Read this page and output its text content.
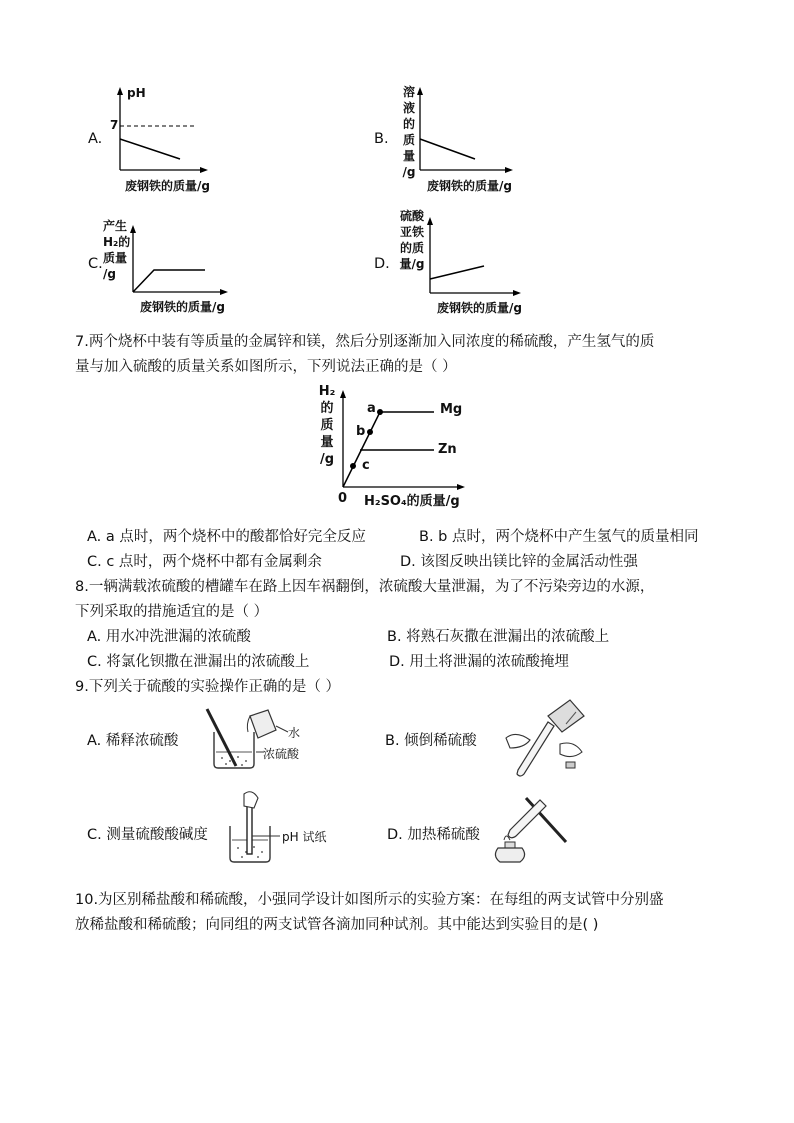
A.
pH
7
废钢铁的质量/g
B.
溶
液
的
质
量
/g
废钢铁的质量/g
C.
产生
H₂的
质量
/g
废钢铁的质量/g
D.
硫酸
亚铁
的质
量/g
废钢铁的质量/g
7.两个烧杯中装有等质量的金属锌和镁，然后分别逐渐加入同浓度的稀硫酸，产生氢气的质
量与加入硫酸的质量关系如图所示，下列说法正确的是（ ）
H₂
的
质
量
/g
a
b
c
Mg
Zn
0 H₂SO₄的质量/g
A. a 点时，两个烧杯中的酸都恰好完全反应	B. b 点时，两个烧杯中产生氢气的质量相同
C. c 点时，两个烧杯中都有金属剩余	D. 该图反映出镁比锌的金属活动性强
8.一辆满载浓硫酸的槽罐车在路上因车祸翻倒，浓硫酸大量泄漏，为了不污染旁边的水源，
下列采取的措施适宜的是（ ）
A. 用水冲洗泄漏的浓硫酸	B. 将熟石灰撒在泄漏出的浓硫酸上
C. 将氯化钡撒在泄漏出的浓硫酸上	D. 用土将泄漏的浓硫酸掩埋
9.下列关于硫酸的实验操作正确的是（ ）
A. 稀释浓硫酸	水
浓硫酸
B. 倾倒稀硫酸
C. 测量硫酸酸碱度	pH 试纸	D. 加热稀硫酸
10.为区别稀盐酸和稀硫酸，小强同学设计如图所示的实验方案：在每组的两支试管中分别盛
放稀盐酸和稀硫酸；向同组的两支试管各滴加同种试剂。其中能达到实验目的是( )
